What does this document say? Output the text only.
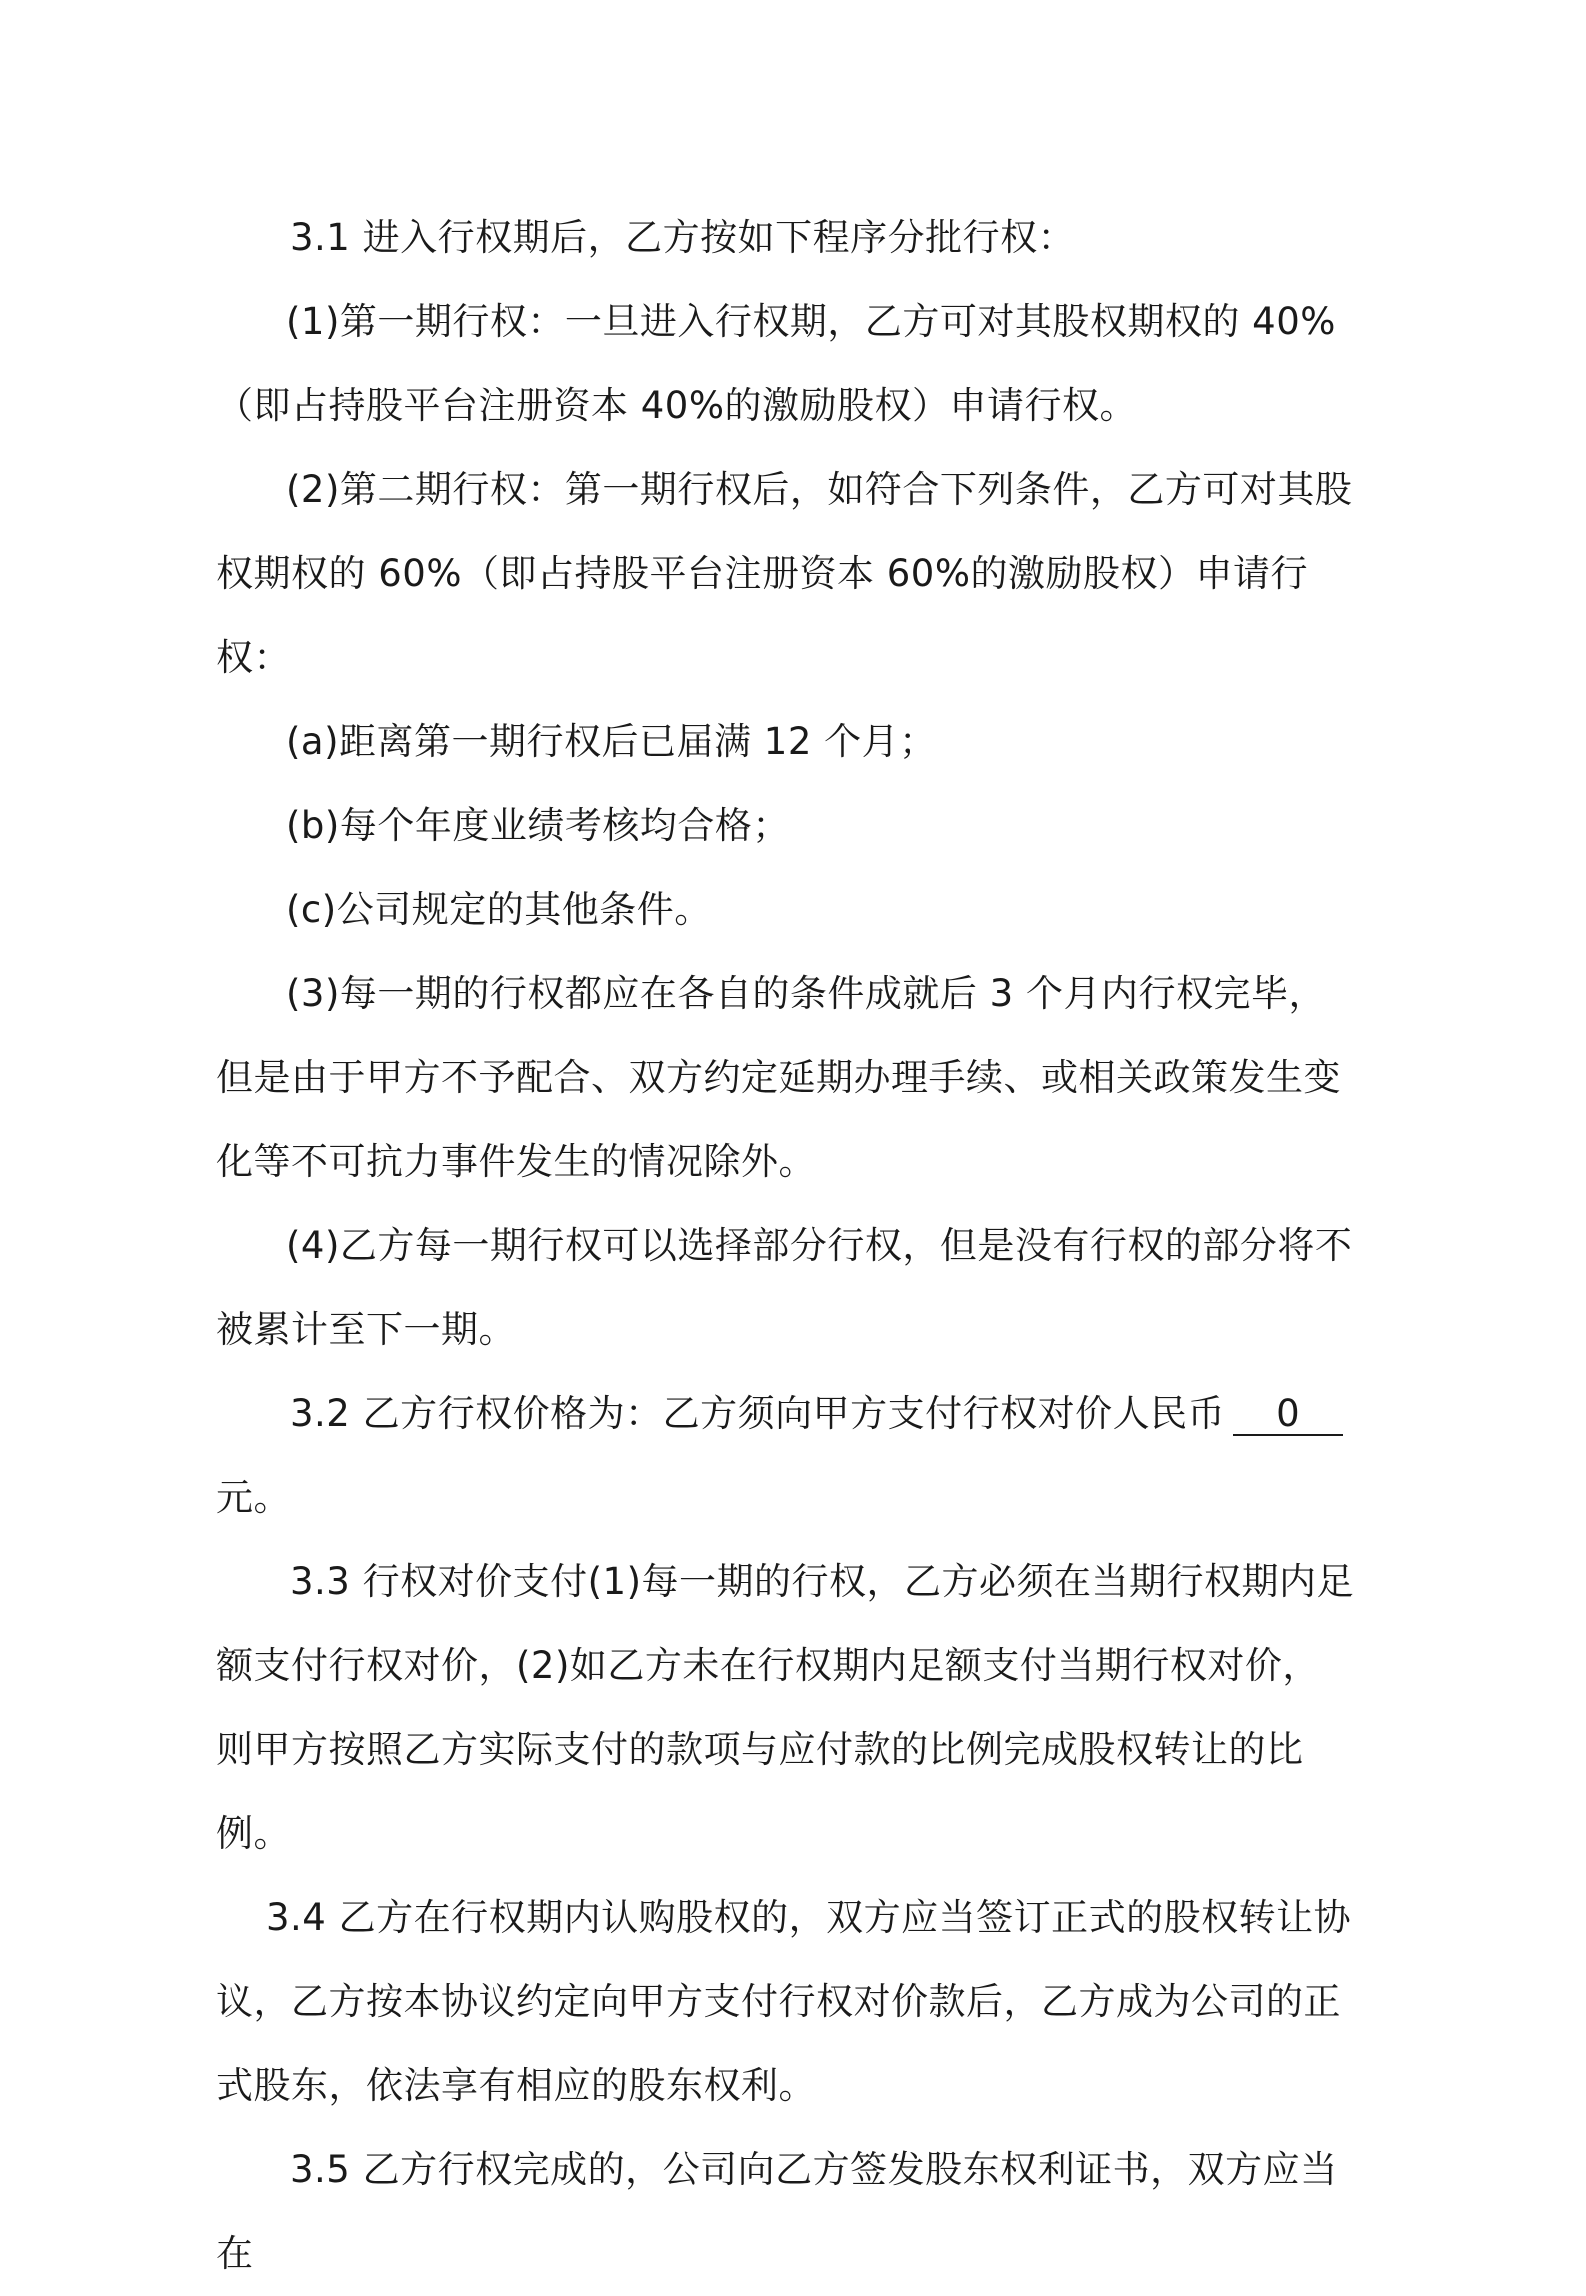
3.1 进入行权期后，乙方按如下程序分批行权：

(1)第一期行权：一旦进入行权期，乙方可对其股权期权的 40%（即占持股平台注册资本 40%的激励股权）申请行权。

(2)第二期行权：第一期行权后，如符合下列条件，乙方可对其股权期权的 60%（即占持股平台注册资本 60%的激励股权）申请行权：

(a)距离第一期行权后已届满 12 个月；

(b)每个年度业绩考核均合格；

(c)公司规定的其他条件。

(3)每一期的行权都应在各自的条件成就后 3 个月内行权完毕，但是由于甲方不予配合、双方约定延期办理手续、或相关政策发生变化等不可抗力事件发生的情况除外。

(4)乙方每一期行权可以选择部分行权，但是没有行权的部分将不被累计至下一期。

3.2 乙方行权价格为：乙方须向甲方支付行权对价人民币 0
元。

3.3 行权对价支付(1)每一期的行权，乙方必须在当期行权期内足额支付行权对价，(2)如乙方未在行权期内足额支付当期行权对价，则甲方按照乙方实际支付的款项与应付款的比例完成股权转让的比例。

3.4 乙方在行权期内认购股权的，双方应当签订正式的股权转让协议，乙方按本协议约定向甲方支付行权对价款后，乙方成为公司的正式股东，依法享有相应的股东权利。

3.5 乙方行权完成的，公司向乙方签发股东权利证书，双方应当在
